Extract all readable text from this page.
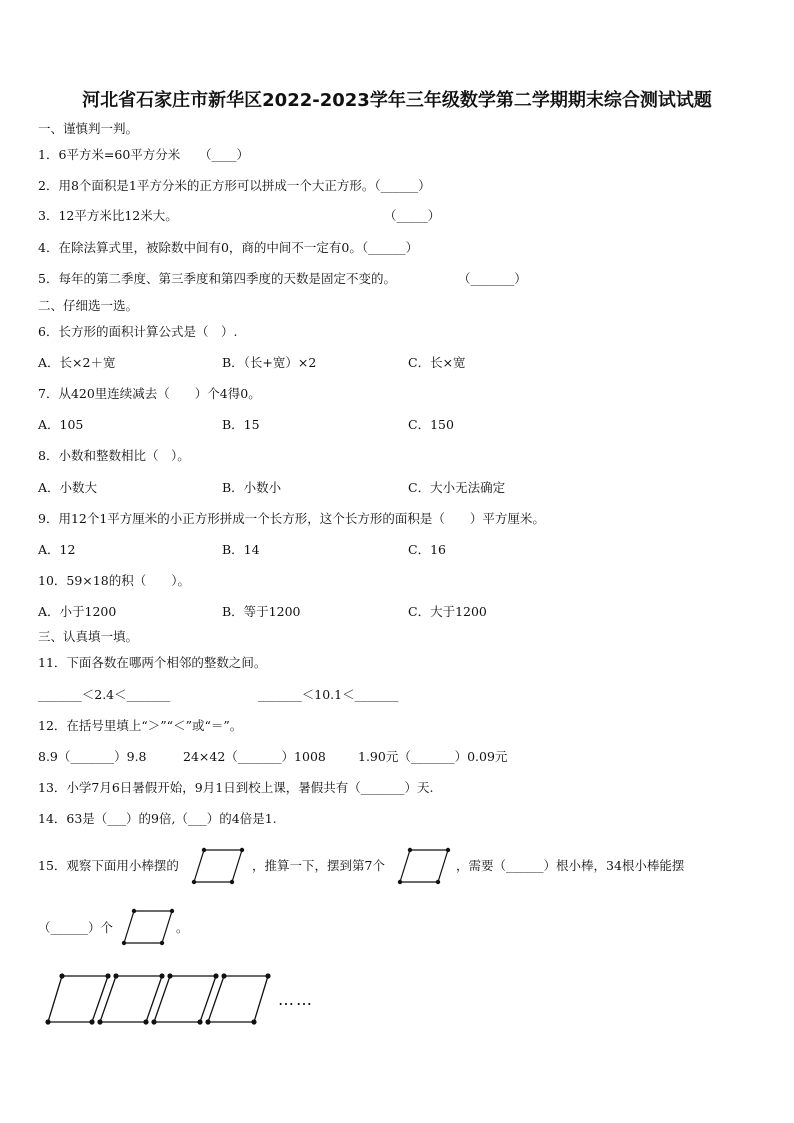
河北省石家庄市新华区2022-2023学年三年级数学第二学期期末综合测试试题
一、谨慎判一判。
1．6平方米=60平方分米　　（____）
2．用8个面积是1平方分米的正方形可以拼成一个大正方形。（______）
3．12平方米比12米大。	（_____）
4．在除法算式里，被除数中间有0，商的中间不一定有0。（______）
5．每年的第二季度、第三季度和第四季度的天数是固定不变的。	（_______）
二、仔细选一选。
6．长方形的面积计算公式是（　）.
A．长×2＋宽	B．（长+宽）×2	C．长×宽
7．从420里连续减去（　　）个4得0。
A．105	B．15	C．150
8．小数和整数相比（　）。
A．小数大	B．小数小	C．大小无法确定
9．用12个1平方厘米的小正方形拼成一个长方形，这个长方形的面积是（　　）平方厘米。
A．12	B．14	C．16
10．59×18的积（　　）。
A．小于1200	B．等于1200	C．大于1200
三、认真填一填。
11．下面各数在哪两个相邻的整数之间。
_______＜2.4＜_______	_______＜10.1＜_______
12．在括号里填上“＞”“＜”或“＝”。
8.9（_______）9.8	24×42（_______）1008	1.90元（_______）0.09元
13．小学7月6日暑假开始，9月1日到校上课，暑假共有（_______）天.
14．63是（___）的9倍,（___）的4倍是1.
15．观察下面用小棒摆的	，推算一下，摆到第7个	，需要（______）根小棒，34根小棒能摆
（______）个	。
……
